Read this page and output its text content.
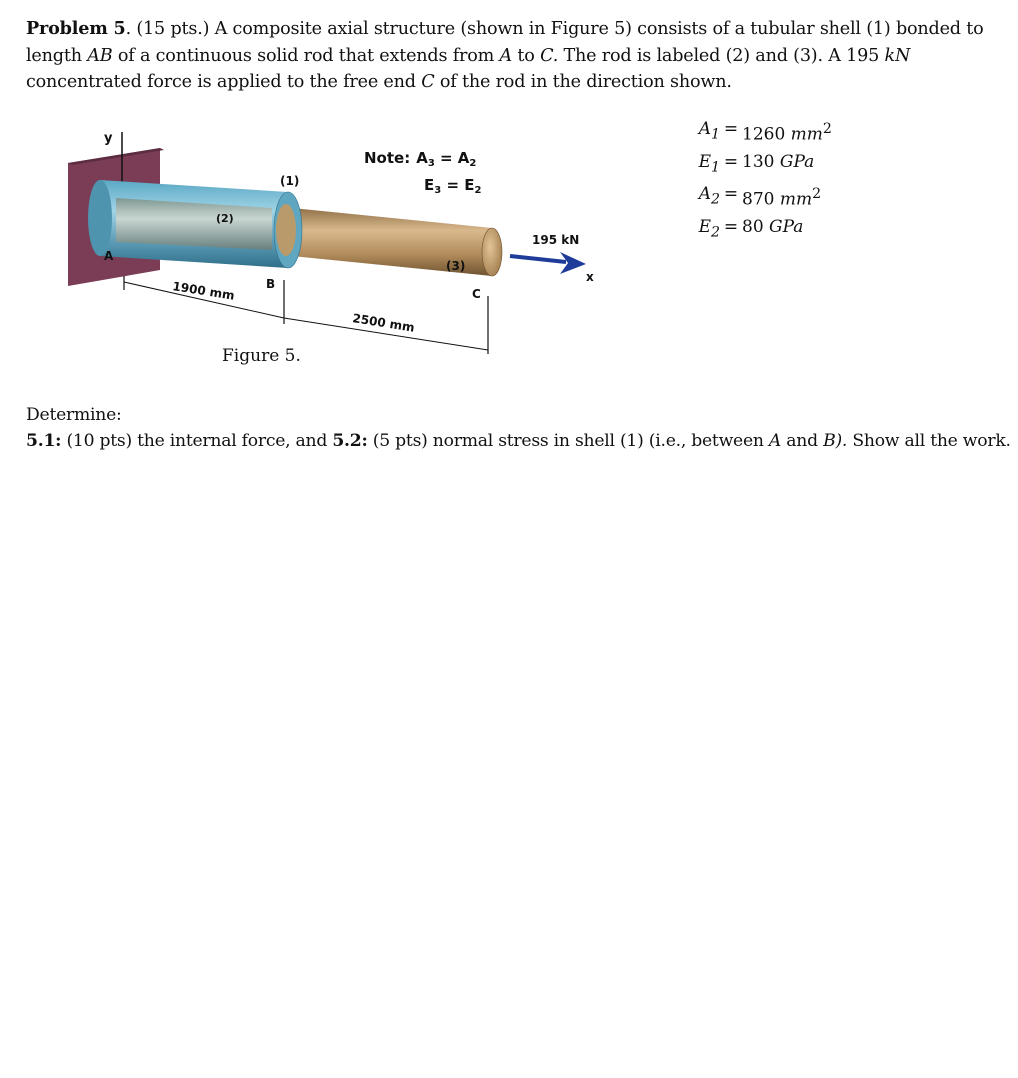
Problem 5. (15 pts.) A composite axial structure (shown in Figure 5) consists of a tubular shell (1) bonded to length AB of a continuous solid rod that extends from A to C. The rod is labeled (2) and (3). A 195 kN concentrated force is applied to the free end C of the rod in the direction shown.
y
(1)
(2)
(3)
A
B
C
1900 mm
2500 mm
195 kN
x
Note: $A_3 = A_2$
$E_3 = E_2$
Figure 5.
$A_1 = 1260$ $mm^2$
$E_1 = 130$ GPa
$A_2 = 870$ $mm^2$
$E_2 = 80$ GPa
Determine:
5.1: (10 pts) the internal force, and 5.2: (5 pts) normal stress in shell (1) (i.e., between A and B). Show all the work.
